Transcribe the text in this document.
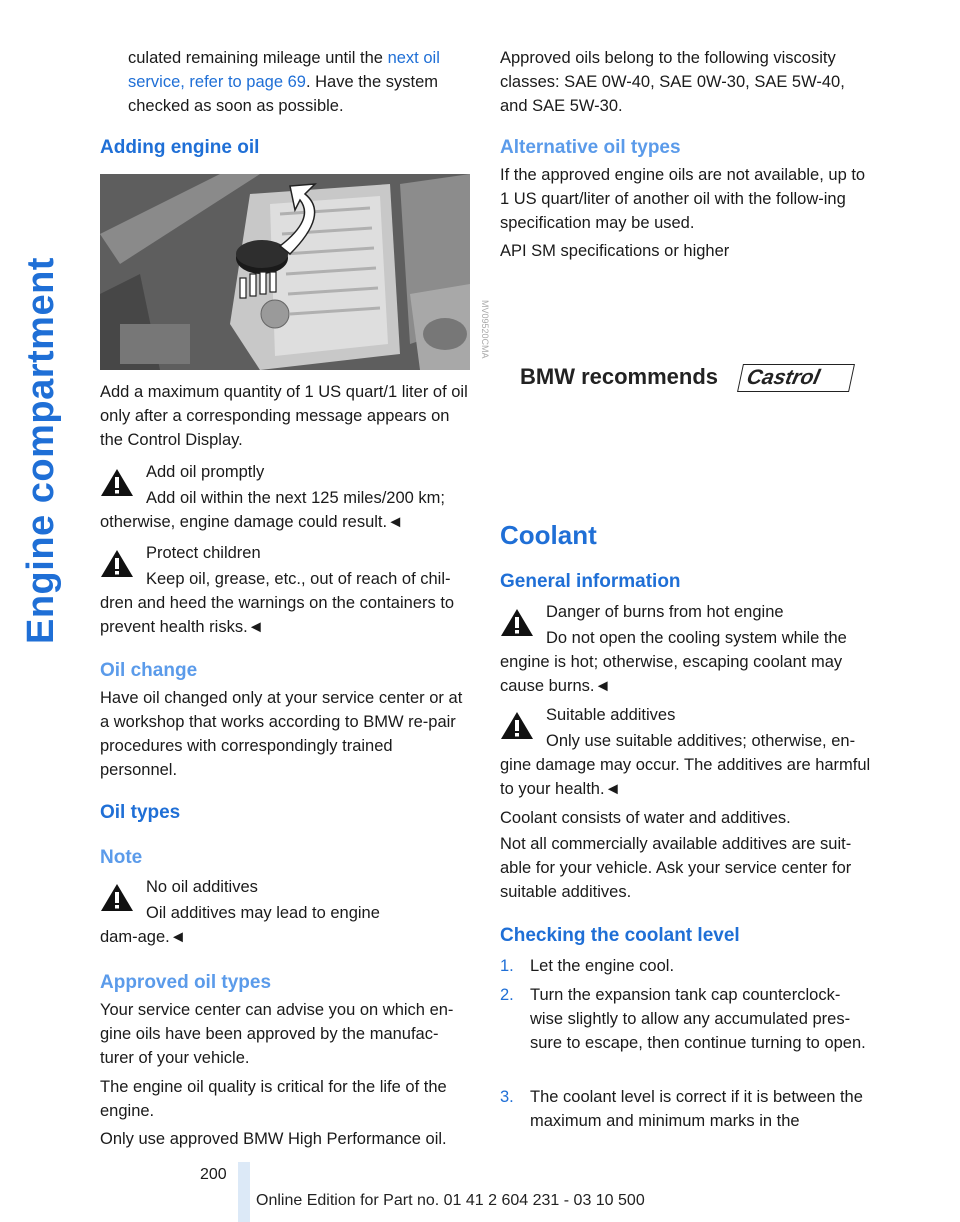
Engine compartment

culated remaining mileage until the next oil service, refer to page 69. Have the system checked as soon as possible.

Adding engine oil
MV09520CMA

Add a maximum quantity of 1 US quart/1 liter of oil only after a corresponding message appears on the Control Display.

Add oil promptly
Add oil within the next 125 miles/200 km; otherwise, engine damage could result.◄
Protect children
Keep oil, grease, etc., out of reach of chil-dren and heed the warnings on the containers to prevent health risks.◄
Oil change

Have oil changed only at your service center or at a workshop that works according to BMW re-pair procedures with correspondingly trained personnel.

Oil types
Note
No oil additives
Oil additives may lead to engine dam-age.◄
Approved oil types

Your service center can advise you on which en-gine oils have been approved by the manufac-turer of your vehicle.

The engine oil quality is critical for the life of the engine.

Only use approved BMW High Performance oil.

Approved oils belong to the following viscosity classes: SAE 0W-40, SAE 0W-30, SAE 5W-40, and SAE 5W-30.

Alternative oil types

If the approved engine oils are not available, up to 1 US quart/liter of another oil with the follow-ing specification may be used.

API SM specifications or higher

BMW recommends	Castrol
Coolant
General information
Danger of burns from hot engine
Do not open the cooling system while the engine is hot; otherwise, escaping coolant may cause burns.◄
Suitable additives
Only use suitable additives; otherwise, en-gine damage may occur. The additives are harmful to your health.◄

Coolant consists of water and additives.

Not all commercially available additives are suit-able for your vehicle. Ask your service center for suitable additives.

Checking the coolant level
1. Let the engine cool.
2. Turn the expansion tank cap counterclock-wise slightly to allow any accumulated pres-sure to escape, then continue turning to open.
3. The coolant level is correct if it is between the maximum and minimum marks in the
200
Online Edition for Part no. 01 41 2 604 231 - 03 10 500
